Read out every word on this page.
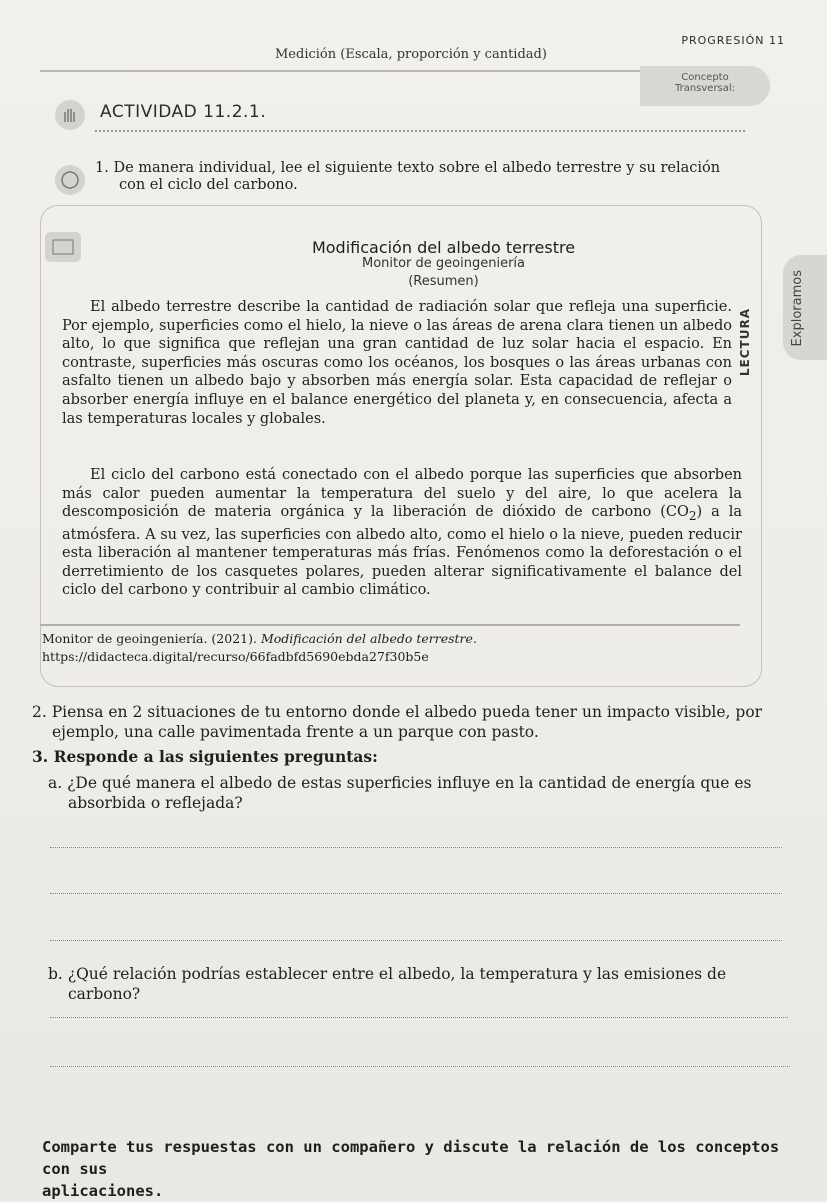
PROGRESIÓN 11
Medición (Escala, proporción y cantidad)
Concepto
Transversal:
ACTIVIDAD 11.2.1.
1. De manera individual, lee el siguiente texto sobre el albedo terrestre y su relación
con el ciclo del carbono.
Modificación del albedo terrestre
Monitor de geoingeniería
(Resumen)
El albedo terrestre describe la cantidad de radiación solar que refleja una superficie. Por ejemplo, superficies como el hielo, la nieve o las áreas de arena clara tienen un albedo alto, lo que significa que reflejan una gran cantidad de luz solar hacia el espacio. En contraste, superficies más oscuras como los océanos, los bosques o las áreas urbanas con asfalto tienen un albedo bajo y absorben más energía solar. Esta capacidad de reflejar o absorber energía influye en el balance energético del planeta y, en consecuencia, afecta a las temperaturas locales y globales.
El ciclo del carbono está conectado con el albedo porque las superficies que absorben más calor pueden aumentar la temperatura del suelo y del aire, lo que acelera la descomposición de materia orgánica y la liberación de dióxido de carbono $(CO_2)$ a la atmósfera. A su vez, las superficies con albedo alto, como el hielo o la nieve, pueden reducir esta liberación al mantener temperaturas más frías. Fenómenos como la deforestación o el derretimiento de los casquetes polares, pueden alterar significativamente el balance del ciclo del carbono y contribuir al cambio climático.
Monitor de geoingeniería. (2021). Modificación del albedo terrestre.
https://didacteca.digital/recurso/66fadbfd5690ebda27f30b5e
Exploramos
LECTURA
2. Piensa en 2 situaciones de tu entorno donde el albedo pueda tener un impacto visible, por
ejemplo, una calle pavimentada frente a un parque con pasto.
3. Responde a las siguientes preguntas:
a. ¿De qué manera el albedo de estas superficies influye en la cantidad de energía que es
absorbida o reflejada?
b. ¿Qué relación podrías establecer entre el albedo, la temperatura y las emisiones de
carbono?
Comparte tus respuestas con un compañero y discute la relación de los conceptos con sus
aplicaciones.
